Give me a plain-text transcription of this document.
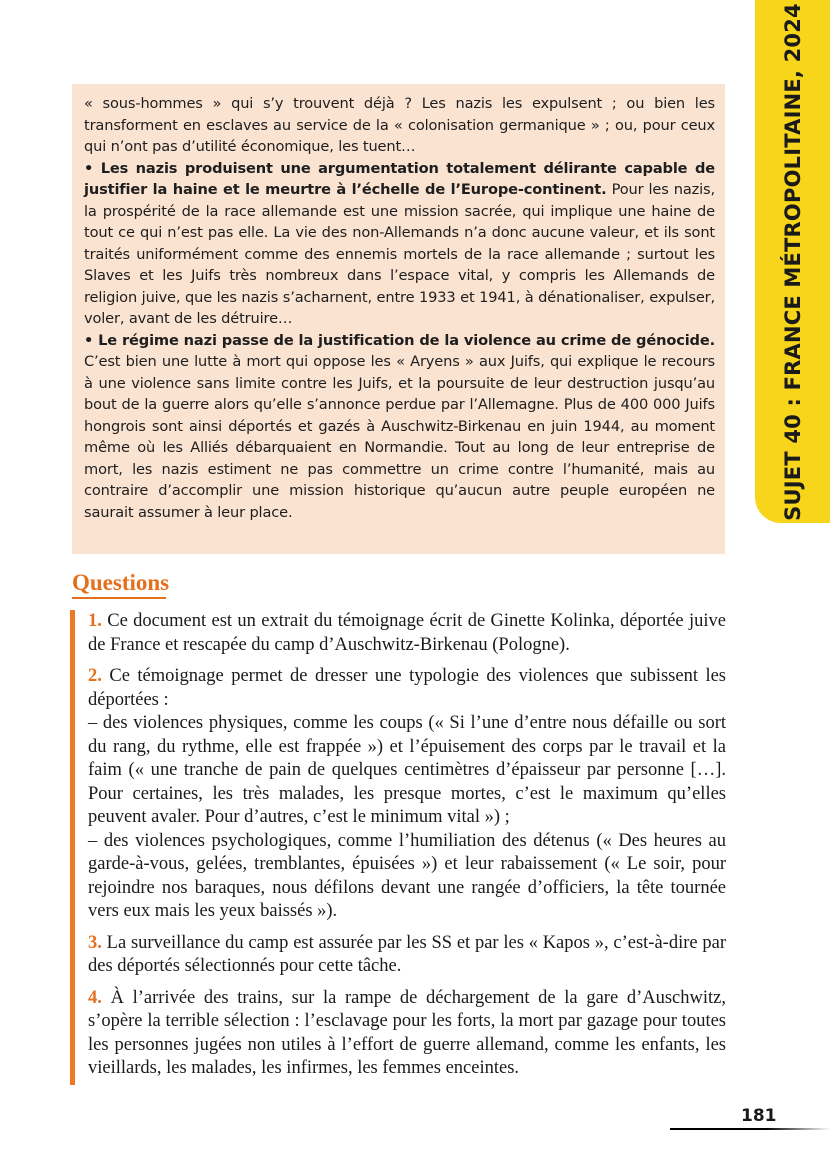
SUJET 40 : FRANCE MÉTROPOLITAINE, 2024

« sous-hommes » qui s’y trouvent déjà ? Les nazis les expulsent ; ou bien les transforment en esclaves au service de la « colonisation germanique » ; ou, pour ceux qui n’ont pas d’utilité économique, les tuent…

• Les nazis produisent une argumentation totalement délirante capable de justifier la haine et le meurtre à l’échelle de l’Europe-continent. Pour les nazis, la prospérité de la race allemande est une mission sacrée, qui implique une haine de tout ce qui n’est pas elle. La vie des non-Allemands n’a donc aucune valeur, et ils sont traités uniformément comme des ennemis mortels de la race allemande ; surtout les Slaves et les Juifs très nombreux dans l’espace vital, y compris les Allemands de religion juive, que les nazis s’acharnent, entre 1933 et 1941, à dénationaliser, expulser, voler, avant de les détruire…

• Le régime nazi passe de la justification de la violence au crime de génocide. C’est bien une lutte à mort qui oppose les « Aryens » aux Juifs, qui explique le recours à une violence sans limite contre les Juifs, et la poursuite de leur destruction jusqu’au bout de la guerre alors qu’elle s’annonce perdue par l’Allemagne. Plus de 400 000 Juifs hongrois sont ainsi déportés et gazés à Auschwitz-Birkenau en juin 1944, au moment même où les Alliés débarquaient en Normandie. Tout au long de leur entreprise de mort, les nazis estiment ne pas commettre un crime contre l’humanité, mais au contraire d’accomplir une mission historique qu’aucun autre peuple européen ne saurait assumer à leur place.

Questions

1. Ce document est un extrait du témoignage écrit de Ginette Kolinka, déportée juive de France et rescapée du camp d’Auschwitz-Birkenau (Pologne).

2. Ce témoignage permet de dresser une typologie des violences que subissent les déportées :
– des violences physiques, comme les coups (« Si l’une d’entre nous défaille ou sort du rang, du rythme, elle est frappée ») et l’épuisement des corps par le travail et la faim (« une tranche de pain de quelques centimètres d’épaisseur par personne […]. Pour certaines, les très malades, les presque mortes, c’est le maximum qu’elles peuvent avaler. Pour d’autres, c’est le minimum vital ») ;
– des violences psychologiques, comme l’humiliation des détenus (« Des heures au garde-à-vous, gelées, tremblantes, épuisées ») et leur rabaissement (« Le soir, pour rejoindre nos baraques, nous défilons devant une rangée d’officiers, la tête tournée vers eux mais les yeux baissés »).

3. La surveillance du camp est assurée par les SS et par les « Kapos », c’est-à-dire par des déportés sélectionnés pour cette tâche.

4. À l’arrivée des trains, sur la rampe de déchargement de la gare d’Auschwitz, s’opère la terrible sélection : l’esclavage pour les forts, la mort par gazage pour toutes les personnes jugées non utiles à l’effort de guerre allemand, comme les enfants, les vieillards, les malades, les infirmes, les femmes enceintes.

181
